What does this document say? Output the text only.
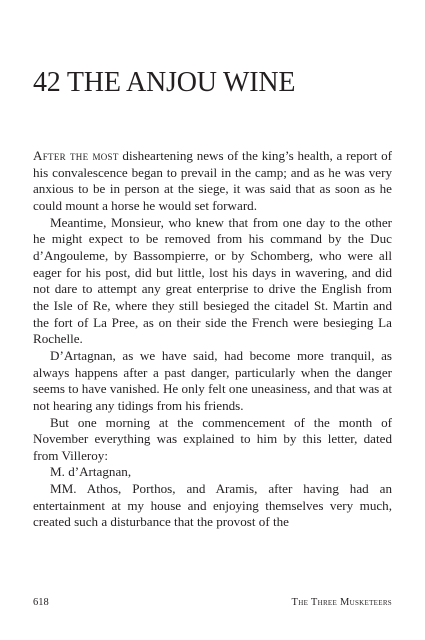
42 THE ANJOU WINE

After the most disheartening news of the king’s health, a report of his convalescence began to prevail in the camp; and as he was very anxious to be in person at the siege, it was said that as soon as he could mount a horse he would set forward.

Meantime, Monsieur, who knew that from one day to the other he might expect to be removed from his command by the Duc d’Angouleme, by Bassompierre, or by Schomberg, who were all eager for his post, did but little, lost his days in wavering, and did not dare to attempt any great enterprise to drive the English from the Isle of Re, where they still besieged the citadel St. Martin and the fort of La Pree, as on their side the French were besieging La Rochelle.

D’Artagnan, as we have said, had become more tranquil, as always happens after a past danger, particularly when the danger seems to have vanished. He only felt one uneasiness, and that was at not hearing any tidings from his friends.

But one morning at the commencement of the month of November everything was explained to him by this letter, dated from Villeroy:

M. d’Artagnan,

MM. Athos, Porthos, and Aramis, after having had an entertainment at my house and enjoying themselves very much, created such a disturbance that the provost of the

618	The Three Musketeers
